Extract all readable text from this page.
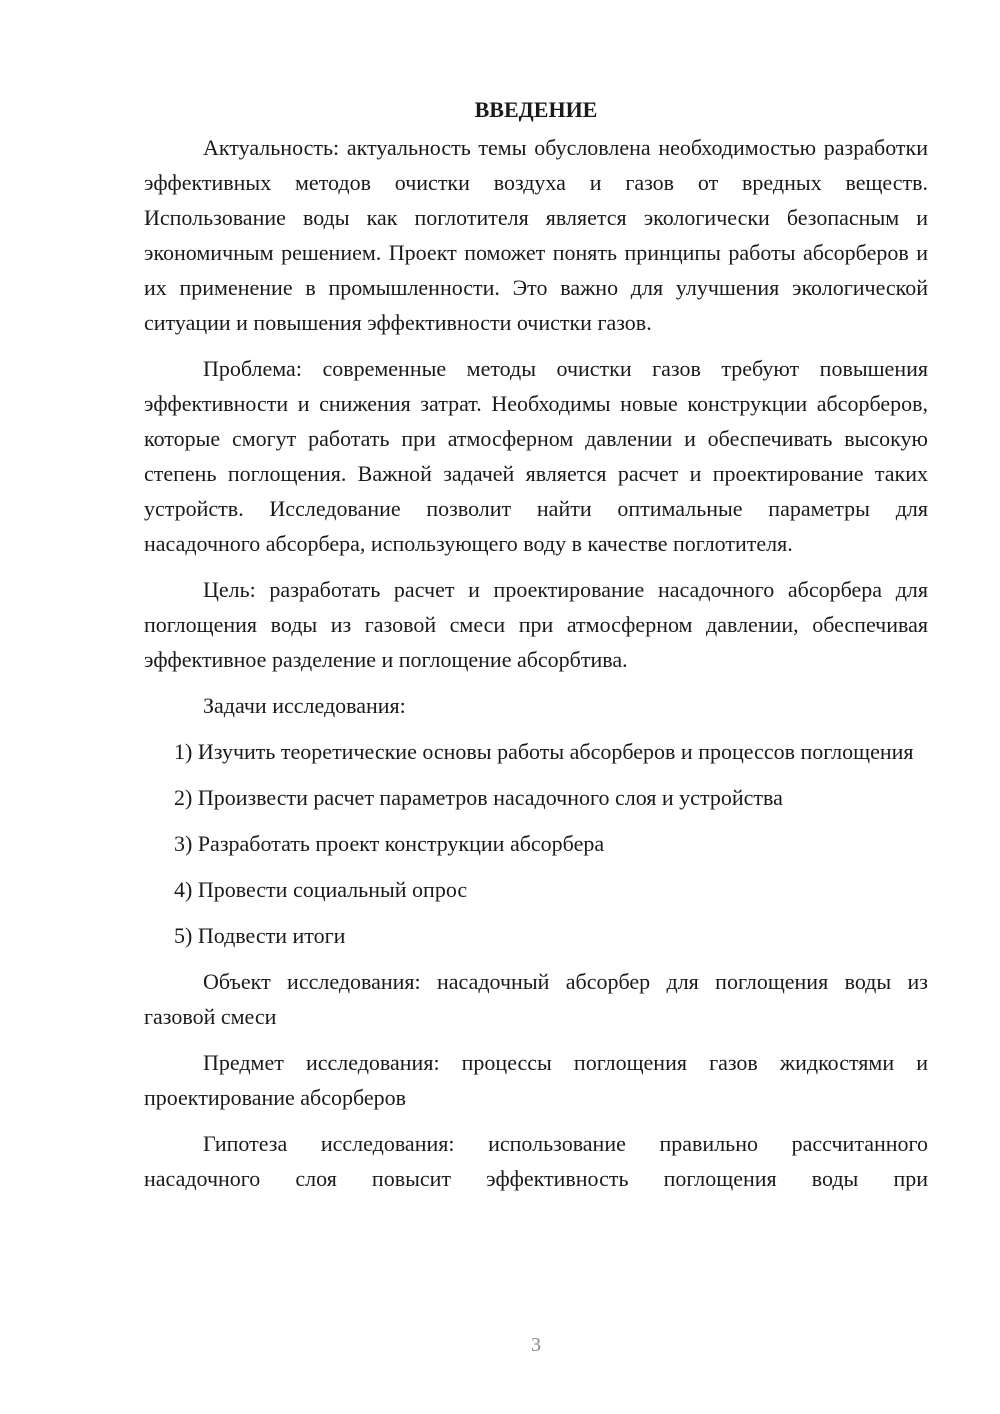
ВВЕДЕНИЕ

Актуальность: актуальность темы обусловлена необходимостью разработки эффективных методов очистки воздуха и газов от вредных веществ. Использование воды как поглотителя является экологически безопасным и экономичным решением. Проект поможет понять принципы работы абсорберов и их применение в промышленности. Это важно для улучшения экологической ситуации и повышения эффективности очистки газов.

Проблема: современные методы очистки газов требуют повышения эффективности и снижения затрат. Необходимы новые конструкции абсорберов, которые смогут работать при атмосферном давлении и обеспечивать высокую степень поглощения. Важной задачей является расчет и проектирование таких устройств. Исследование позволит найти оптимальные параметры для насадочного абсорбера, использующего воду в качестве поглотителя.

Цель: разработать расчет и проектирование насадочного абсорбера для поглощения воды из газовой смеси при атмосферном давлении, обеспечивая эффективное разделение и поглощение абсорбтива.

Задачи исследования:

1) Изучить теоретические основы работы абсорберов и процессов поглощения

2) Произвести расчет параметров насадочного слоя и устройства

3) Разработать проект конструкции абсорбера

4) Провести социальный опрос

5) Подвести итоги

Объект исследования: насадочный абсорбер для поглощения воды из газовой смеси

Предмет исследования: процессы поглощения газов жидкостями и проектирование абсорберов

Гипотеза исследования: использование правильно рассчитанного насадочного слоя повысит эффективность поглощения воды при

3
